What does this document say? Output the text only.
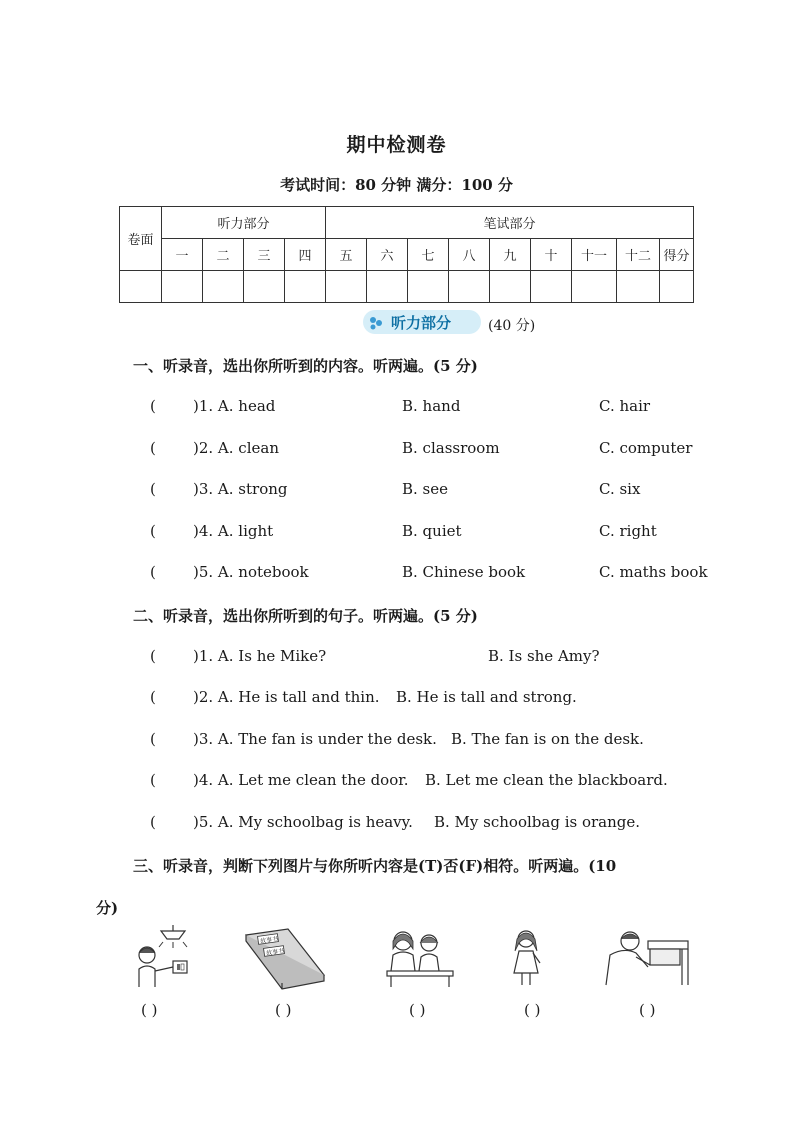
期中检测卷
考试时间：80 分钟 满分：100 分
卷面	听力部分				笔试部分								
	一	二	三	四	五	六	七	八	九	十	十一	十二	得分

听力部分	(40 分)
一、听录音，选出你所听到的内容。听两遍。(5 分)
( )1. A. head	B. hand	C. hair
( )2. A. clean	B. classroom	C. computer
( )3. A. strong	B. see	C. six
( )4. A. light	B. quiet	C. right
( )5. A. notebook	B. Chinese book	C. maths book
二、听录音，选出你所听到的句子。听两遍。(5 分)
( )1. A. Is he Mike?	B. Is she Amy?
( )2. A. He is tall and thin. B. He is tall and strong.
( )3. A. The fan is under the desk. B. The fan is on the desk.
( )4. A. Let me clean the door. B. Let me clean the blackboard.
( )5. A. My schoolbag is heavy. B. My schoolbag is orange.
三、听录音，判断下列图片与你所听内容是(T)否(F)相符。听两遍。(10
分)
故事书
故事书
( )	( )	( )	( )	( )
